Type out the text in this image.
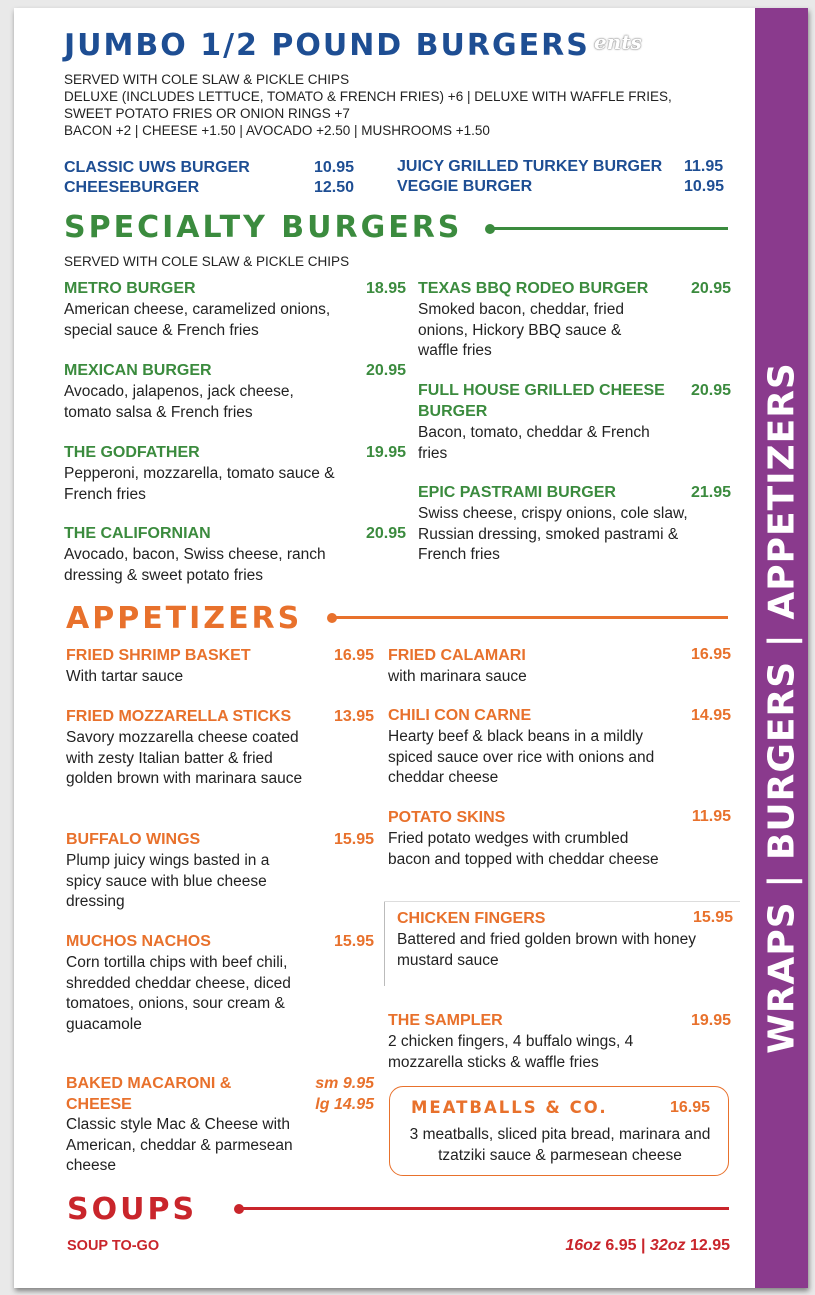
WRAPS | BURGERS | APPETIZERS
JUMBO 1/2 POUND BURGERS ents
SERVED WITH COLE SLAW & PICKLE CHIPS
DELUXE (INCLUDES LETTUCE, TOMATO & FRENCH FRIES) +6 | DELUXE WITH WAFFLE FRIES,
SWEET POTATO FRIES OR ONION RINGS +7
BACON +2 | CHEESE +1.50 | AVOCADO +2.50 | MUSHROOMS +1.50
CLASSIC UWS BURGER	10.95
CHEESEBURGER	12.50
JUICY GRILLED TURKEY BURGER 11.95
VEGGIE BURGER	10.95
SPECIALTY BURGERS
SERVED WITH COLE SLAW & PICKLE CHIPS
METRO BURGER	18.95
American cheese, caramelized onions, special sauce & French fries
MEXICAN BURGER	20.95
Avocado, jalapenos, jack cheese, tomato salsa & French fries
THE GODFATHER	19.95
Pepperoni, mozzarella, tomato sauce & French fries
THE CALIFORNIAN	20.95
Avocado, bacon, Swiss cheese, ranch dressing & sweet potato fries
TEXAS BBQ RODEO BURGER	20.95
Smoked bacon, cheddar, fried onions, Hickory BBQ sauce & waffle fries
FULL HOUSE GRILLED CHEESE BURGER
20.95
Bacon, tomato, cheddar & French fries
EPIC PASTRAMI BURGER	21.95
Swiss cheese, crispy onions, cole slaw, Russian dressing, smoked pastrami & French fries
APPETIZERS
FRIED SHRIMP BASKET	16.95
With tartar sauce
FRIED MOZZARELLA STICKS	13.95
Savory mozzarella cheese coated with zesty Italian batter & fried golden brown with marinara sauce
BUFFALO WINGS	15.95
Plump juicy wings basted in a spicy sauce with blue cheese dressing
MUCHOS NACHOS	15.95
Corn tortilla chips with beef chili, shredded cheddar cheese, diced tomatoes, onions, sour cream & guacamole
BAKED MACARONI & CHEESE
sm 9.95
lg 14.95
Classic style Mac & Cheese with American, cheddar & parmesean cheese
FRIED CALAMARI	16.95
with marinara sauce
CHILI CON CARNE	14.95
Hearty beef & black beans in a mildly spiced sauce over rice with onions and cheddar cheese
POTATO SKINS	11.95
Fried potato wedges with crumbled bacon and topped with cheddar cheese
CHICKEN FINGERS	15.95
Battered and fried golden brown with honey mustard sauce
THE SAMPLER	19.95
2 chicken fingers, 4 buffalo wings, 4 mozzarella sticks & waffle fries
MEATBALLS & CO.	16.95
3 meatballs, sliced pita bread, marinara and tzatziki sauce & parmesean cheese
SOUPS
SOUP TO-GO	16oz 6.95 | 32oz 12.95
